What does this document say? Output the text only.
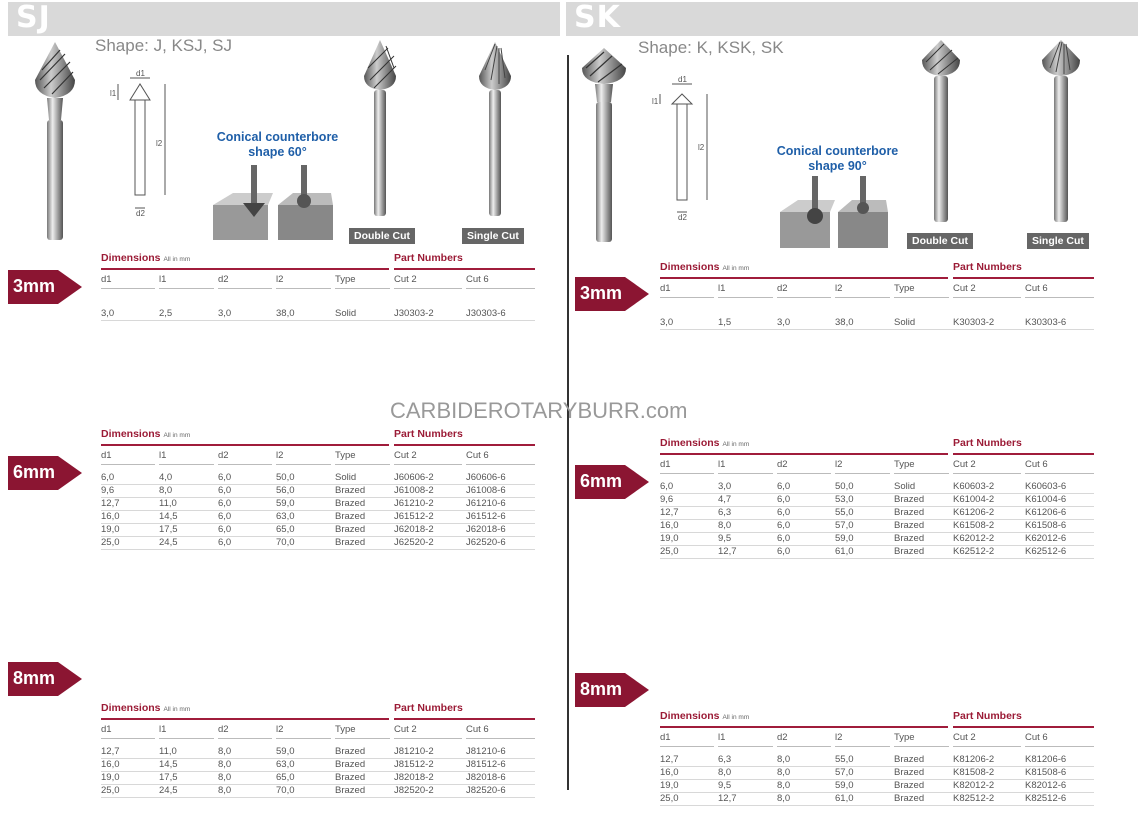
SJ	SK
Shape: J, KSJ, SJ	Shape: K, KSK, SK
d1
l1
l2
d2
Conical counterbore
shape 60°
Double Cut	Single Cut
d1
l1
l2
d2
Conical counterbore
shape 90°
Double Cut	Single Cut
CARBIDEROTARYBURR.com
3mm
Dimensions All in mm	Part Numbers
d1	l1	d2	l2	Type	Cut 2	Cut 6
3,0	2,5	3,0	38,0	Solid	J30303-2	J30303-6
6mm
Dimensions All in mm	Part Numbers
d1	l1	d2	l2	Type	Cut 2	Cut 6
6,0	4,0	6,0	50,0	Solid	J60606-2	J60606-6
9,6	8,0	6,0	56,0	Brazed	J61008-2	J61008-6
12,7	11,0	6,0	59,0	Brazed	J61210-2	J61210-6
16,0	14,5	6,0	63,0	Brazed	J61512-2	J61512-6
19,0	17,5	6,0	65,0	Brazed	J62018-2	J62018-6
25,0	24,5	6,0	70,0	Brazed	J62520-2	J62520-6
8mm
Dimensions All in mm	Part Numbers
d1	l1	d2	l2	Type	Cut 2	Cut 6
12,7	11,0	8,0	59,0	Brazed	J81210-2	J81210-6
16,0	14,5	8,0	63,0	Brazed	J81512-2	J81512-6
19,0	17,5	8,0	65,0	Brazed	J82018-2	J82018-6
25,0	24,5	8,0	70,0	Brazed	J82520-2	J82520-6
3mm
Dimensions All in mm	Part Numbers
d1	l1	d2	l2	Type	Cut 2	Cut 6
3,0	1,5	3,0	38,0	Solid	K30303-2	K30303-6
6mm
Dimensions All in mm	Part Numbers
d1	l1	d2	l2	Type	Cut 2	Cut 6
6,0	3,0	6,0	50,0	Solid	K60603-2	K60603-6
9,6	4,7	6,0	53,0	Brazed	K61004-2	K61004-6
12,7	6,3	6,0	55,0	Brazed	K61206-2	K61206-6
16,0	8,0	6,0	57,0	Brazed	K61508-2	K61508-6
19,0	9,5	6,0	59,0	Brazed	K62012-2	K62012-6
25,0	12,7	6,0	61,0	Brazed	K62512-2	K62512-6
8mm
Dimensions All in mm	Part Numbers
d1	l1	d2	l2	Type	Cut 2	Cut 6
12,7	6,3	8,0	55,0	Brazed	K81206-2	K81206-6
16,0	8,0	8,0	57,0	Brazed	K81508-2	K81508-6
19,0	9,5	8,0	59,0	Brazed	K82012-2	K82012-6
25,0	12,7	8,0	61,0	Brazed	K82512-2	K82512-6
